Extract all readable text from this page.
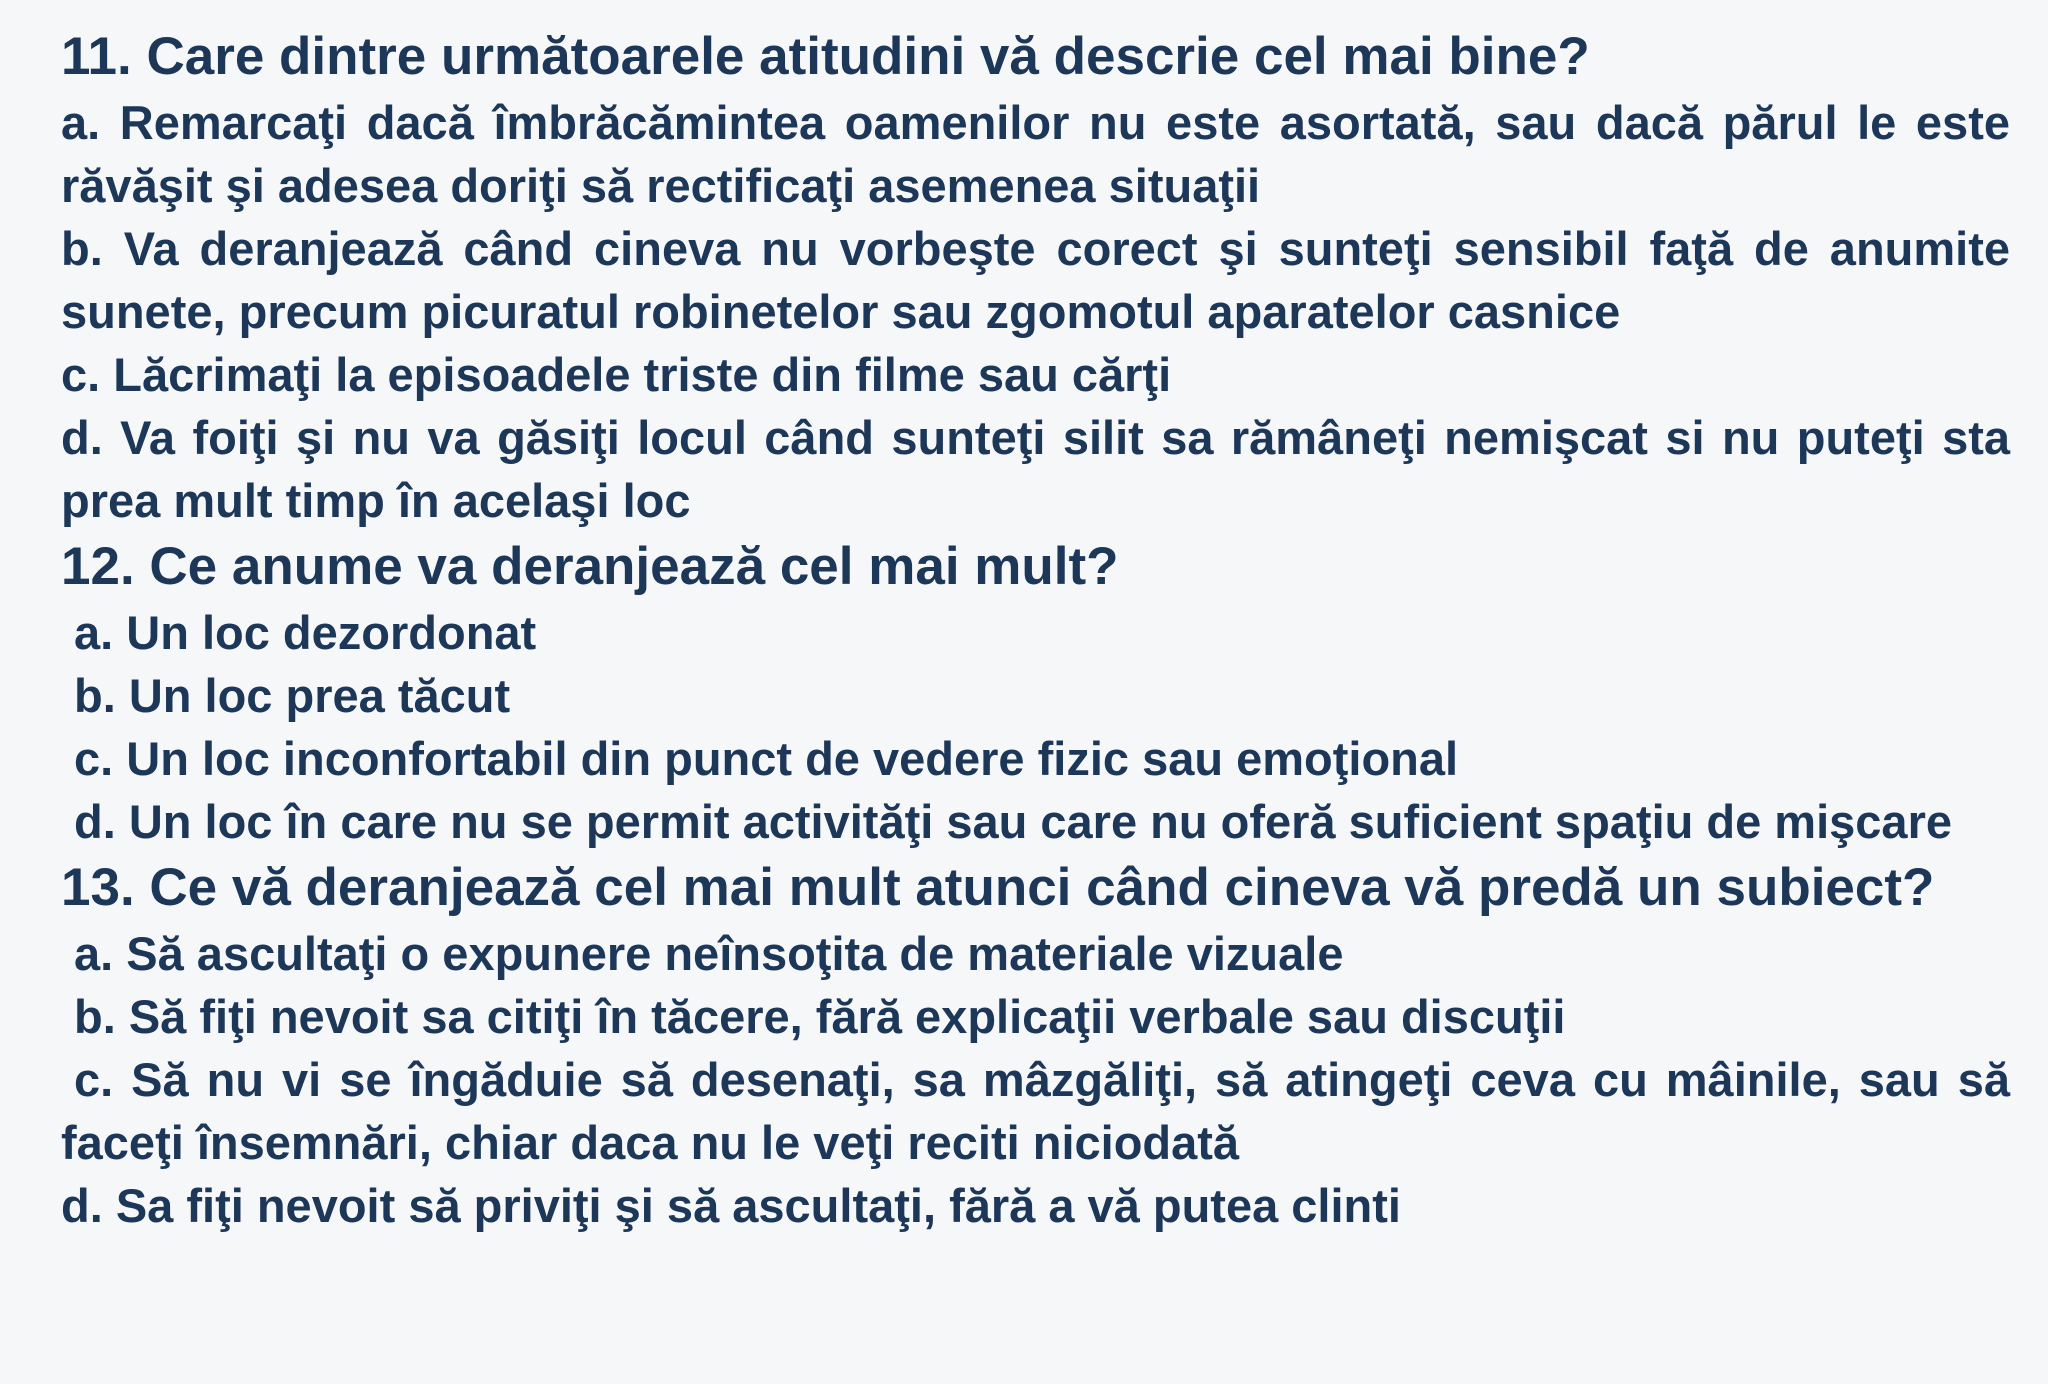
11. Care dintre următoarele atitudini vă descrie cel mai bine?

a. Remarcaţi dacă îmbrăcămintea oamenilor nu este asortată, sau dacă părul le este răvăşit şi adesea doriţi să rectificaţi asemenea situaţii

b. Va deranjează când cineva nu vorbeşte corect şi sunteţi sensibil faţă de anumite sunete, precum picuratul robinetelor sau zgomotul aparatelor casnice

c. Lăcrimaţi la episoadele triste din filme sau cărţi

d. Va foiţi şi nu va găsiţi locul când sunteţi silit sa rămâneţi nemişcat si nu puteţi sta prea mult timp în acelaşi loc

12. Ce anume va deranjează cel mai mult?

a. Un loc dezordonat

b. Un loc prea tăcut

c. Un loc inconfortabil din punct de vedere fizic sau emoţional

d. Un loc în care nu se permit activităţi sau care nu oferă suficient spaţiu de mişcare

13. Ce vă deranjează cel mai mult atunci când cineva vă predă un subiect?

a. Să ascultaţi o expunere neînsoţita de materiale vizuale

b. Să fiţi nevoit sa citiţi în tăcere, fără explicaţii verbale sau discuţii

c. Să nu vi se îngăduie să desenaţi, sa mâzgăliţi, să atingeţi ceva cu mâinile, sau să faceţi însemnări, chiar daca nu le veţi reciti niciodată

d. Sa fiţi nevoit să priviţi şi să ascultaţi, fără a vă putea clinti
